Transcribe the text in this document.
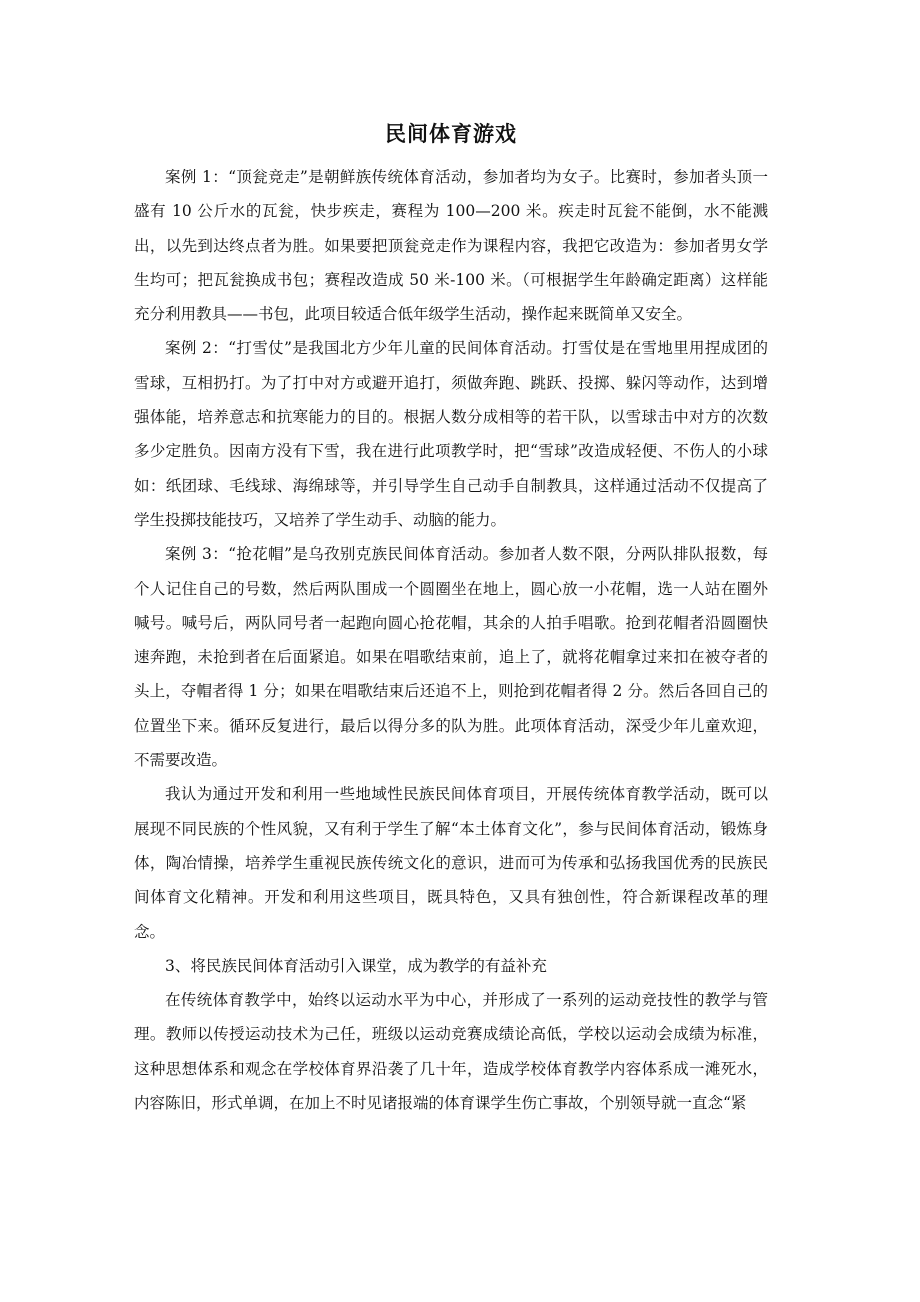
民间体育游戏

案例 1：“顶瓮竞走”是朝鲜族传统体育活动，参加者均为女子。比赛时，参加者头顶一盛有 10 公斤水的瓦瓮，快步疾走，赛程为 100—200 米。疾走时瓦瓮不能倒，水不能溅出，以先到达终点者为胜。如果要把顶瓮竞走作为课程内容，我把它改造为：参加者男女学生均可；把瓦瓮换成书包；赛程改造成 50 米-100 米。（可根据学生年龄确定距离）这样能充分利用教具——书包，此项目较适合低年级学生活动，操作起来既简单又安全。

案例 2：“打雪仗”是我国北方少年儿童的民间体育活动。打雪仗是在雪地里用捏成团的雪球，互相扔打。为了打中对方或避开追打，须做奔跑、跳跃、投掷、躲闪等动作，达到增强体能，培养意志和抗寒能力的目的。根据人数分成相等的若干队，以雪球击中对方的次数多少定胜负。因南方没有下雪，我在进行此项教学时，把“雪球”改造成轻便、不伤人的小球如：纸团球、毛线球、海绵球等，并引导学生自己动手自制教具，这样通过活动不仅提高了学生投掷技能技巧，又培养了学生动手、动脑的能力。

案例 3：“抢花帽”是乌孜别克族民间体育活动。参加者人数不限，分两队排队报数，每个人记住自己的号数，然后两队围成一个圆圈坐在地上，圆心放一小花帽，选一人站在圈外喊号。喊号后，两队同号者一起跑向圆心抢花帽，其余的人拍手唱歌。抢到花帽者沿圆圈快速奔跑，未抢到者在后面紧追。如果在唱歌结束前，追上了，就将花帽拿过来扣在被夺者的头上，夺帽者得 1 分；如果在唱歌结束后还追不上，则抢到花帽者得 2 分。然后各回自己的位置坐下来。循环反复进行，最后以得分多的队为胜。此项体育活动，深受少年儿童欢迎，不需要改造。

我认为通过开发和利用一些地域性民族民间体育项目，开展传统体育教学活动，既可以展现不同民族的个性风貌，又有利于学生了解“本土体育文化”，参与民间体育活动，锻炼身体，陶冶情操，培养学生重视民族传统文化的意识，进而可为传承和弘扬我国优秀的民族民间体育文化精神。开发和利用这些项目，既具特色，又具有独创性，符合新课程改革的理念。

3、将民族民间体育活动引入课堂，成为教学的有益补充

在传统体育教学中，始终以运动水平为中心，并形成了一系列的运动竞技性的教学与管理。教师以传授运动技术为己任，班级以运动竞赛成绩论高低，学校以运动会成绩为标准，这种思想体系和观念在学校体育界沿袭了几十年，造成学校体育教学内容体系成一滩死水，内容陈旧，形式单调，在加上不时见诸报端的体育课学生伤亡事故，个别领导就一直念“紧
